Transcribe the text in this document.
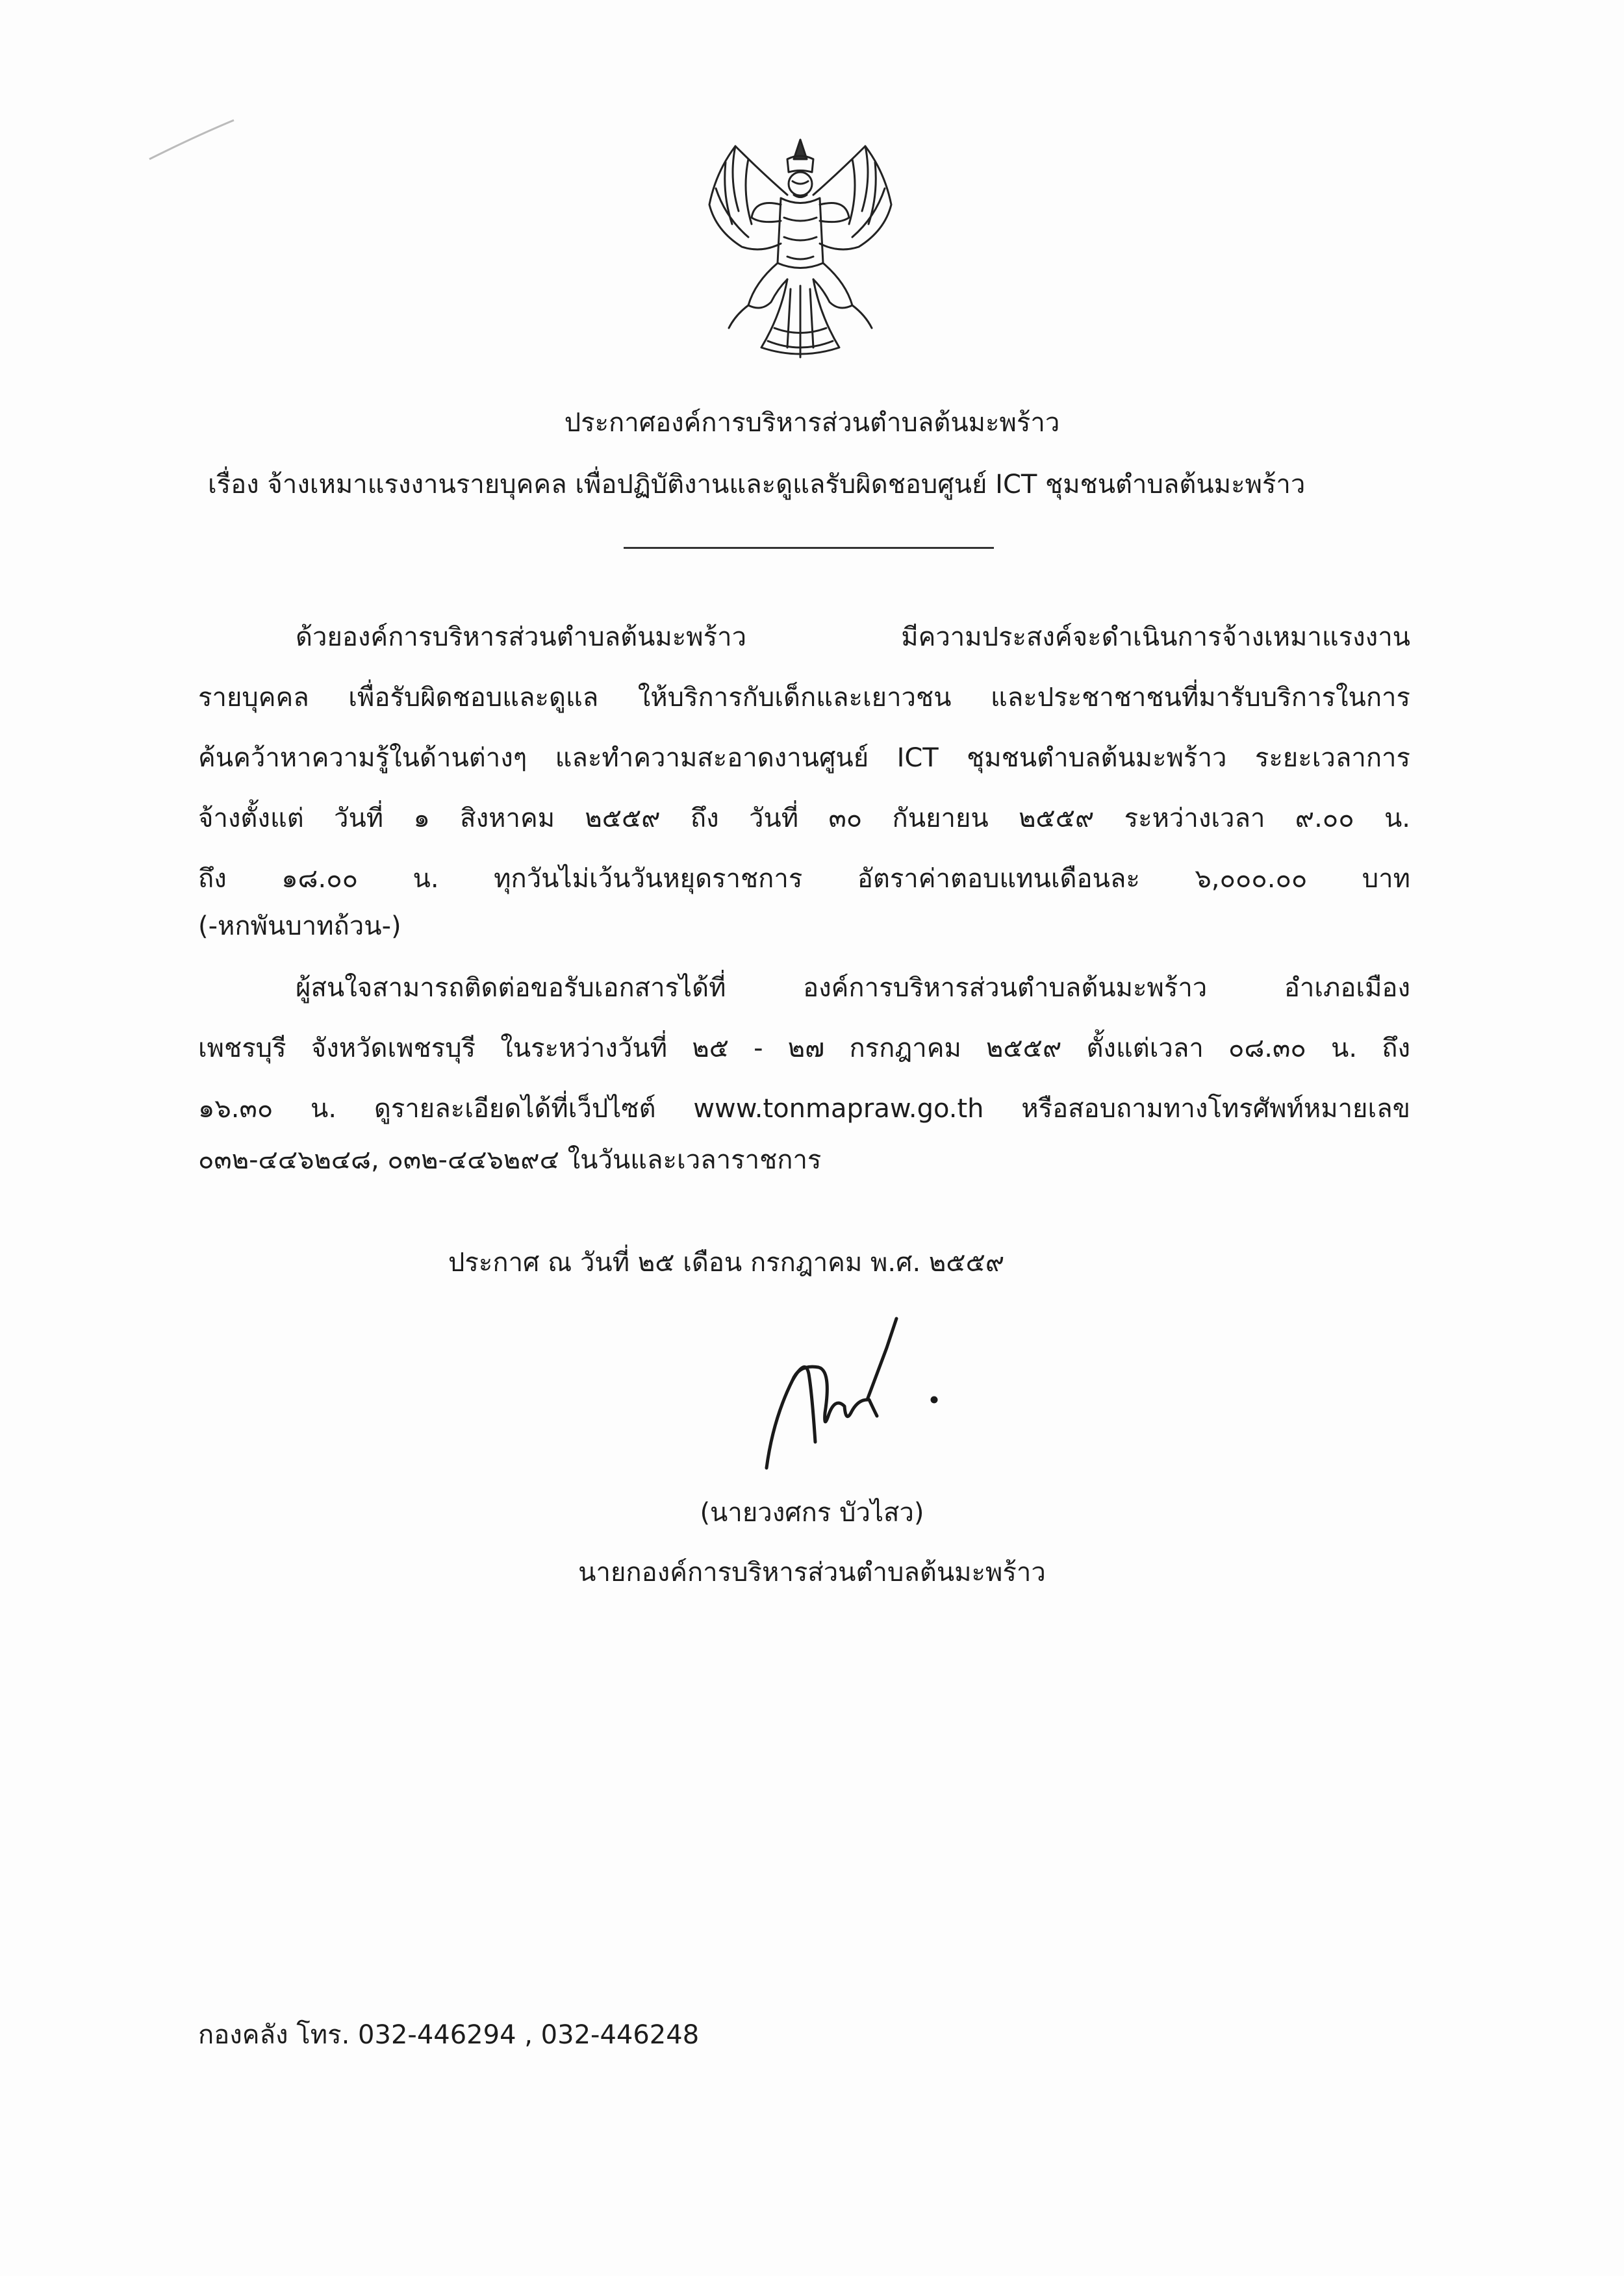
ประกาศองค์การบริหารส่วนตำบลต้นมะพร้าว
เรื่อง จ้างเหมาแรงงานรายบุคคล เพื่อปฏิบัติงานและดูแลรับผิดชอบศูนย์ ICT ชุมชนตำบลต้นมะพร้าว
ด้วยองค์การบริหารส่วนตำบลต้นมะพร้าว มีความประสงค์จะดำเนินการจ้างเหมาแรงงาน
รายบุคคล เพื่อรับผิดชอบและดูแล ให้บริการกับเด็กและเยาวชน และประชาชาชนที่มารับบริการในการ
ค้นคว้าหาความรู้ในด้านต่างๆ และทำความสะอาดงานศูนย์ ICT ชุมชนตำบลต้นมะพร้าว ระยะเวลาการ
จ้างตั้งแต่ วันที่ ๑ สิงหาคม ๒๕๕๙ ถึง วันที่ ๓๐ กันยายน ๒๕๕๙ ระหว่างเวลา ๙.๐๐ น.
ถึง ๑๘.๐๐ น. ทุกวันไม่เว้นวันหยุดราชการ อัตราค่าตอบแทนเดือนละ ๖,๐๐๐.๐๐ บาท
(-หกพันบาทถ้วน-)
ผู้สนใจสามารถติดต่อขอรับเอกสารได้ที่ องค์การบริหารส่วนตำบลต้นมะพร้าว อำเภอเมือง
เพชรบุรี จังหวัดเพชรบุรี ในระหว่างวันที่ ๒๕ - ๒๗ กรกฎาคม ๒๕๕๙ ตั้งแต่เวลา ๐๘.๓๐ น. ถึง
๑๖.๓๐ น. ดูรายละเอียดได้ที่เว็ปไซต์ www.tonmapraw.go.th หรือสอบถามทางโทรศัพท์หมายเลข
๐๓๒-๔๔๖๒๔๘, ๐๓๒-๔๔๖๒๙๔ ในวันและเวลาราชการ
ประกาศ ณ วันที่ ๒๕ เดือน กรกฎาคม พ.ศ. ๒๕๕๙
(นายวงศกร บัวไสว)
นายกองค์การบริหารส่วนตำบลต้นมะพร้าว
กองคลัง โทร. 032-446294 , 032-446248
